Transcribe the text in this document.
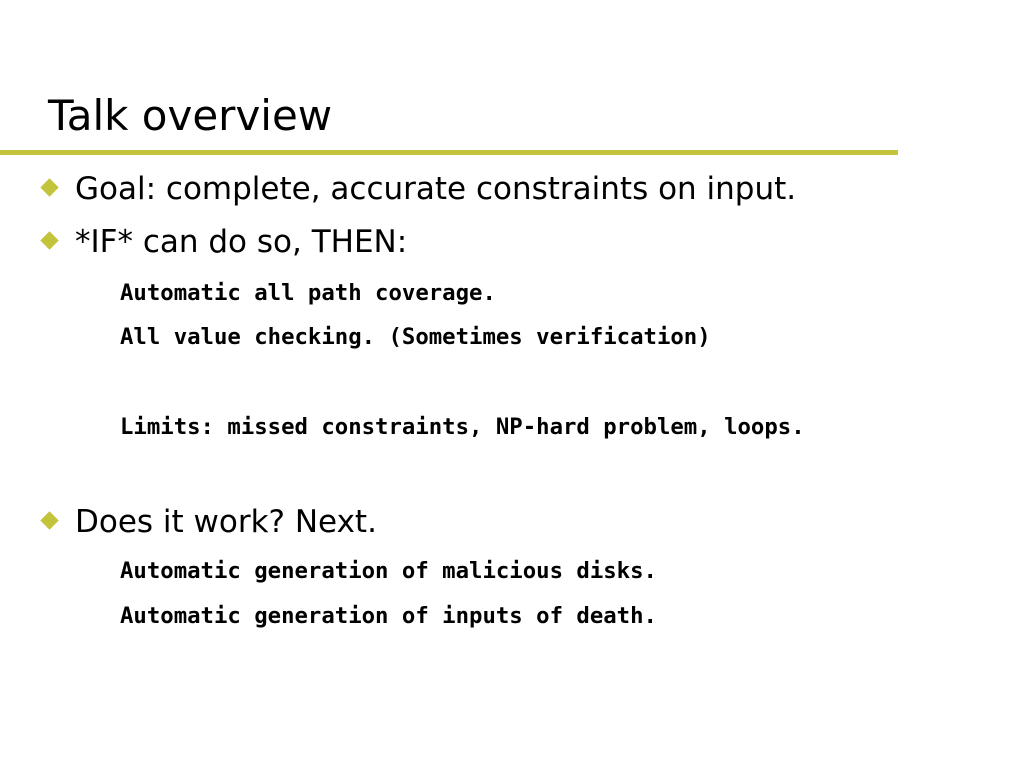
Talk overview
Goal: complete, accurate constraints on input.
*IF* can do so, THEN:
Automatic all path coverage.
All value checking. (Sometimes verification)
Limits: missed constraints, NP-hard problem, loops.
Does it work? Next.
Automatic generation of malicious disks.
Automatic generation of inputs of death.
